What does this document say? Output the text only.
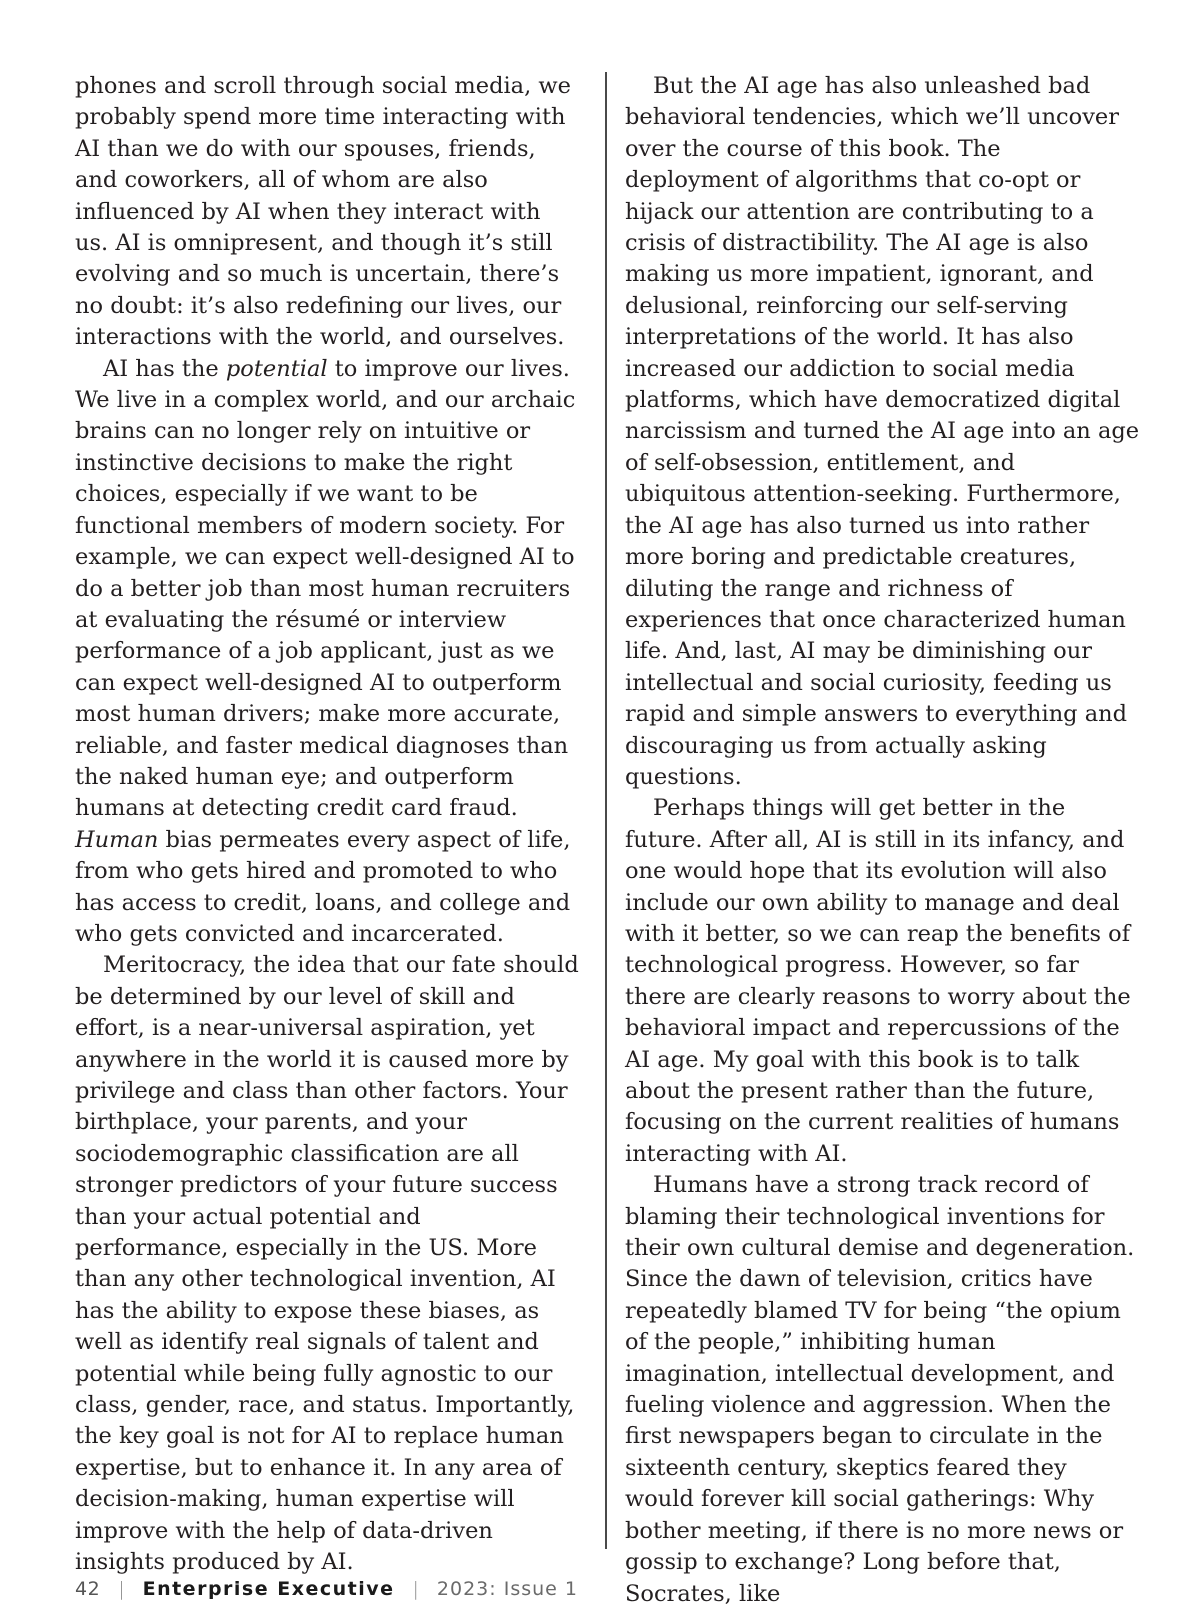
phones and scroll through social media, we probably spend more time interacting with AI than we do with our spouses, friends, and coworkers, all of whom are also influenced by AI when they interact with us. AI is omnipresent, and though it’s still evolving and so much is uncertain, there’s no doubt: it’s also redefining our lives, our interactions with the world, and ourselves.

AI has the potential to improve our lives. We live in a complex world, and our archaic brains can no longer rely on intuitive or instinctive decisions to make the right choices, especially if we want to be functional members of modern society. For example, we can expect well-designed AI to do a better job than most human recruiters at evaluating the résumé or interview performance of a job applicant, just as we can expect well-designed AI to outperform most human drivers; make more accurate, reliable, and faster medical diagnoses than the naked human eye; and outperform humans at detecting credit card fraud. Human bias permeates every aspect of life, from who gets hired and promoted to who has access to credit, loans, and college and who gets convicted and incarcerated.

Meritocracy, the idea that our fate should be determined by our level of skill and effort, is a near-universal aspiration, yet anywhere in the world it is caused more by privilege and class than other factors. Your birthplace, your parents, and your sociodemographic classification are all stronger predictors of your future success than your actual potential and performance, especially in the US. More than any other technological invention, AI has the ability to expose these biases, as well as identify real signals of talent and potential while being fully agnostic to our class, gender, race, and status. Importantly, the key goal is not for AI to replace human expertise, but to enhance it. In any area of decision-making, human expertise will improve with the help of data-driven insights produced by AI.

But the AI age has also unleashed bad behavioral tendencies, which we’ll uncover over the course of this book. The deployment of algorithms that co-opt or hijack our attention are contributing to a crisis of distractibility. The AI age is also making us more impatient, ignorant, and delusional, reinforcing our self-serving interpretations of the world. It has also increased our addiction to social media platforms, which have democratized digital narcissism and turned the AI age into an age of self-obsession, entitlement, and ubiquitous attention-seeking. Furthermore, the AI age has also turned us into rather more boring and predictable creatures, diluting the range and richness of experiences that once characterized human life. And, last, AI may be diminishing our intellectual and social curiosity, feeding us rapid and simple answers to everything and discouraging us from actually asking questions.

Perhaps things will get better in the future. After all, AI is still in its infancy, and one would hope that its evolution will also include our own ability to manage and deal with it better, so we can reap the benefits of technological progress. However, so far there are clearly reasons to worry about the behavioral impact and repercussions of the AI age. My goal with this book is to talk about the present rather than the future, focusing on the current realities of humans interacting with AI.

Humans have a strong track record of blaming their technological inventions for their own cultural demise and degeneration. Since the dawn of television, critics have repeatedly blamed TV for being “the opium of the people,” inhibiting human imagination, intellectual development, and fueling violence and aggression. When the first newspapers began to circulate in the sixteenth century, skeptics feared they would forever kill social gatherings: Why bother meeting, if there is no more news or gossip to exchange? Long before that, Socrates, like

42 | Enterprise Executive | 2023: Issue 1
